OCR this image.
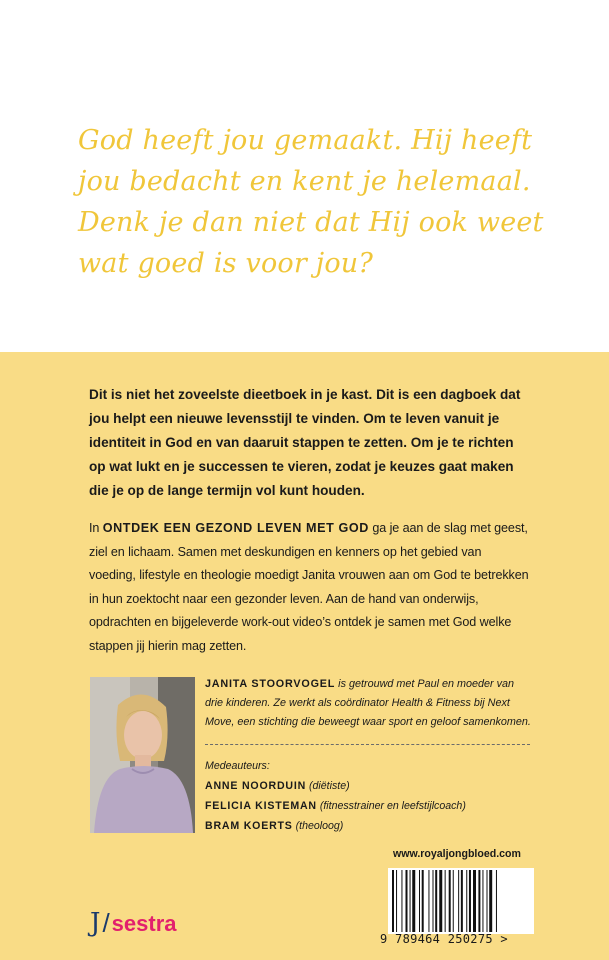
God heeft jou gemaakt. Hij heeft jou bedacht en kent je helemaal. Denk je dan niet dat Hij ook weet wat goed is voor jou?

Dit is niet het zoveelste dieetboek in je kast. Dit is een dagboek dat jou helpt een nieuwe levensstijl te vinden. Om te leven vanuit je identiteit in God en van daaruit stappen te zetten. Om je te richten op wat lukt en je successen te vieren, zodat je keuzes gaat maken die je op de lange termijn vol kunt houden.

In ONTDEK EEN GEZOND LEVEN MET GOD ga je aan de slag met geest, ziel en lichaam. Samen met deskundigen en kenners op het gebied van voeding, lifestyle en theologie moedigt Janita vrouwen aan om God te betrekken in hun zoektocht naar een gezonder leven. Aan de hand van onderwijs, opdrachten en bijgeleverde work-out video’s ontdek je samen met God welke stappen jij hierin mag zetten.

JANITA STOORVOGEL is getrouwd met Paul en moeder van drie kinderen. Ze werkt als coördinator Health & Fitness bij Next Move, een stichting die beweegt waar sport en geloof samenkomen.

Medeauteurs:
ANNE NOORDUIN (diëtiste)
FELICIA KISTEMAN (fitnesstrainer en leefstijlcoach)
BRAM KOERTS (theoloog)
www.royaljongbloed.com
9 789464 250275 >
J / sestra
